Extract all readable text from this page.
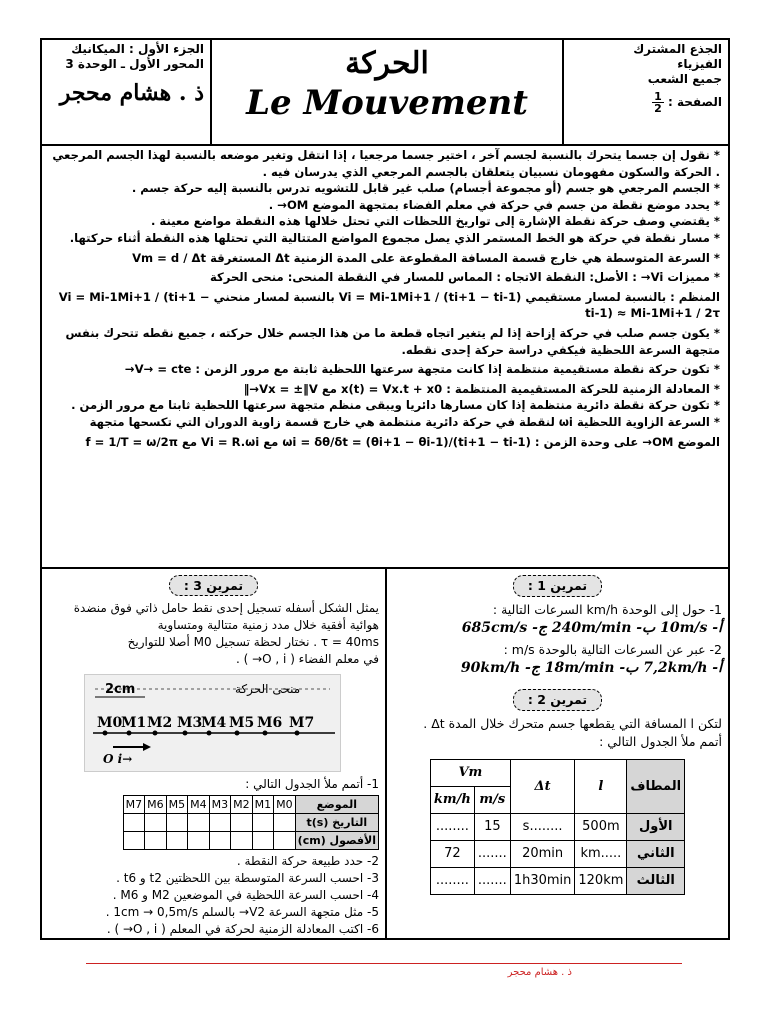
الجزء الأول : الميكانيك
المحور الأول ـ الوحدة 3
ذ . هشام محجر
الحركة
Le Mouvement
الجذع المشترك
الفيزياء
جميع الشعب
الصفحة :
$\frac{1}{2}$

* نقول إن جسما يتحرك بالنسبة لجسم آخر ، اختير جسما مرجعيا ، إذا انتقل وتغير موضعه بالنسبة لهذا الجسم المرجعي . الحركة والسكون مفهومان نسبيان يتعلقان بالجسم المرجعي الذي يدرسان فيه .

* الجسم المرجعي هو جسم (أو مجموعة أجسام) صلب غير قابل للتشويه تدرس بالنسبة إليه حركة جسم .

* يحدد موضع نقطة من جسم في حركة في معلم الفضاء بمتجهة الموضع OM→ .

* يقتضي وصف حركة نقطة الإشارة إلى تواريخ اللحظات التي تحتل خلالها هذه النقطة مواضع معينة .

* مسار نقطة في حركة هو الخط المستمر الذي يصل مجموع المواضع المتتالية التي تحتلها هذه النقطة أثناء حركتها.

* السرعة المتوسطة هي خارج قسمة المسافة المقطوعة على المدة الزمنية Δt المستغرقة Vm = d / Δt

* مميزات Vi→ : الأصل: النقطة الاتجاه : المماس للمسار في النقطة المنحى: منحى الحركة

المنظم : بالنسبة لمسار مستقيمي Vi = Mi-1Mi+1 / (ti+1 − ti-1) بالنسبة لمسار منحني Vi = Mi-1Mi+1 / (ti+1 − ti-1) ≈ Mi-1Mi+1 / 2τ

* يكون جسم صلب في حركة إزاحة إذا لم يتغير اتجاه قطعة ما من هذا الجسم خلال حركته ، جميع نقطه تتحرك بنفس متجهة السرعة اللحظية فيكفي دراسة حركة إحدى نقطه.

* تكون حركة نقطة مستقيمية منتظمة إذا كانت متجهة سرعتها اللحظية ثابتة مع مرور الزمن : V→ = cte→

* المعادلة الزمنية للحركة المستقيمية المنتظمة : x(t) = Vx.t + x0 مع Vx = ±‖V→‖

* تكون حركة نقطة دائرية منتظمة إذا كان مسارها دائريا ويبقى منظم متجهة سرعتها اللحظية ثابتا مع مرور الزمن .

* السرعة الزاوية اللحظية ωi لنقطة في حركة دائرية منتظمة هي خارج قسمة زاوية الدوران التي تكسحها متجهة

الموضع OM→ على وحدة الزمن : ωi = δθ/δt = (θi+1 − θi-1)/(ti+1 − ti-1) مع Vi = R.ωi مع f = 1/T = ω/2π

تمرين 3 :
يمثل الشكل أسفله تسجيل إحدى نقط حامل ذاتي فوق منضدة
هوائية أفقية خلال مدد زمنية متتالية ومتساوية
τ = 40ms . نختار لحظة تسجيل M0 أصلا للتواريخ
في معلم الفضاء ( O , i→ ) .
2cm	منحى الحركة
O i→
M0
M1 M2 M3
M4 M5 M6 M7
1- أتمم ملأ الجدول التالي :
الموضع	M0	M1	M2	M3	M4	M5	M6	M7
التاريخ t(s)								
الأفصول (cm)								
2- حدد طبيعة حركة النقطة .
3- احسب السرعة المتوسطة بين اللحظتين t2 و t6 .
4- احسب السرعة اللحظية في الموضعين M2 و M6 .
5- مثل متجهة السرعة V2→ بالسلم 1cm → 0,5m/s .
6- اكتب المعادلة الزمنية لحركة في المعلم ( O , i→ ) .
تمرين 1 :
1- حول إلى الوحدة km/h السرعات التالية :
أ- 10m/s ب- 240m/min ج- 685cm/s
2- عبر عن السرعات التالية بالوحدة m/s :
أ- 7,2km/h ب- 18m/min ج- 90km/h
تمرين 2 :
لتكن l المسافة التي يقطعها جسم متحرك خلال المدة Δt .
أتمم ملأ الجدول التالي :
المطاف	l	Δt	Vm	
			m/s	km/h
الأول	500m	........s	15	........
الثاني	.....km	20min	.......	72
الثالث	120km	1h30min	.......	........
ذ . هشام محجر
